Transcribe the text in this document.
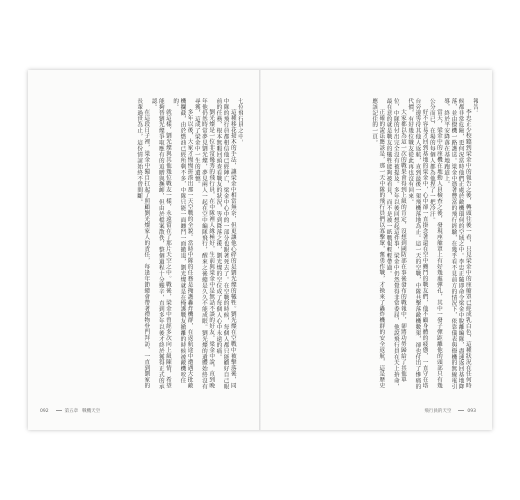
七位飛行員之中，

這種移花接木的手法，讓梁金中相當無奈，但更讓他心碎的是劉光燦的犧牲。劉光燦在空戰中被擊落後，同中隊的飛行員都相信他已經陣亡，梁金中心中的一部分也跟著死去了。在空戰的時候，每個人都只能顧好自己眼前的任務，根本無暇回頭查看戰友的狀況，等到降落之後，劉光燦的空位成了每個人心中永遠的痛。

劉光燦是一位非常優秀的飛行員，在中隊裡人緣極好，生前與梁金中是無話不談的好友。梁金中說，直到晚年他仍然時常夢見劉光燦，夢見兩人一起在空中編隊飛行，醒來之後總是久久不能成眠。劉光燦的遺體始終沒有尋獲，這成了梁金中一生的遺憾。

多年以後，大家才慢慢拼湊出那一天空戰的全貌。當時中隊的任務是掩護轟炸機群，在返航途中遭遇大批敵機攔截，由於燃油已經所剩不多，中隊只能一面纏鬥一面撤退，劉光燦就是在掩護戰友撤離的時候被敵機咬住的。

就這樣，劉光燦與其他幾位戰友一樣，永遠留在了那片天空之中。戰後，梁金中曾經多次向上級陳情，希望能夠替劉光燦爭取應有的追贈與撫卹，但由於檔案散佚，整個過程十分艱辛，直到多年以後才終於獲得正式的承認。

在這段日子裡，梁金中獨自扛起了照顧劉光燦家人的責任，每逢年節總會帶著禮物登門拜訪，一直到劉家的長輩過世為止，這份情誼始終不曾間斷。

092	第五章 戰機天空

報告。

李忠正少校聽到梁金中的報告之後，轉頭往後一看，只見梁金中的座艙罩已經成乳白色，這種狀況在任何時候都非常危險，更何況當時他們正處於敵機環伺的空域之中。李忠正隨即命令梁金中脫離編隊，盡速返回基地降落，並由僚機一路護送。梁金中憑著豐富的飛行經驗，在幾乎看不見前方的情況下，依靠儀表與僚機的無線電引導，終於平安降落在基地跑道上。

當天，梁金中的座機在地勤人員檢查之後，發現座艙罩上有好幾處彈孔，其中一發子彈距離他的頭部只有幾公分而已，在場的每個人都為他捏了一把冷汗。

好不容易才回到基地的梁金中，心中卻一直掛念著還在空中纏鬥的戰友們，他不顧身體的疲憊，一直守在塔台旁邊等待其他人返航，直到最後一架飛機落地為止。這一天的空戰，中隊共擊落敵機數架，卻也付出了慘痛的代價，有好幾位戰友從此再也沒有回來。

大家都以為這一次的戰果會得到上級的肯定，沒想到國防部在事後發布的戰報中，卻將功勞歸給了其他單位，中隊的付出完全沒有被提及。多年以後回想起這件事，梁金中仍然覺得非常委屈，他說飛行員在天上拚命，最在意的就是戰友的犧牲能夠被看見，而不是被一紙戰報輕輕帶過。

正確的說法應該是，那一天中隊的飛行員們以寡擊眾，奮勇作戰，才換來了轟炸機群的安全返航，這是歷史應該記住的一頁。

飛行員的天空	093
